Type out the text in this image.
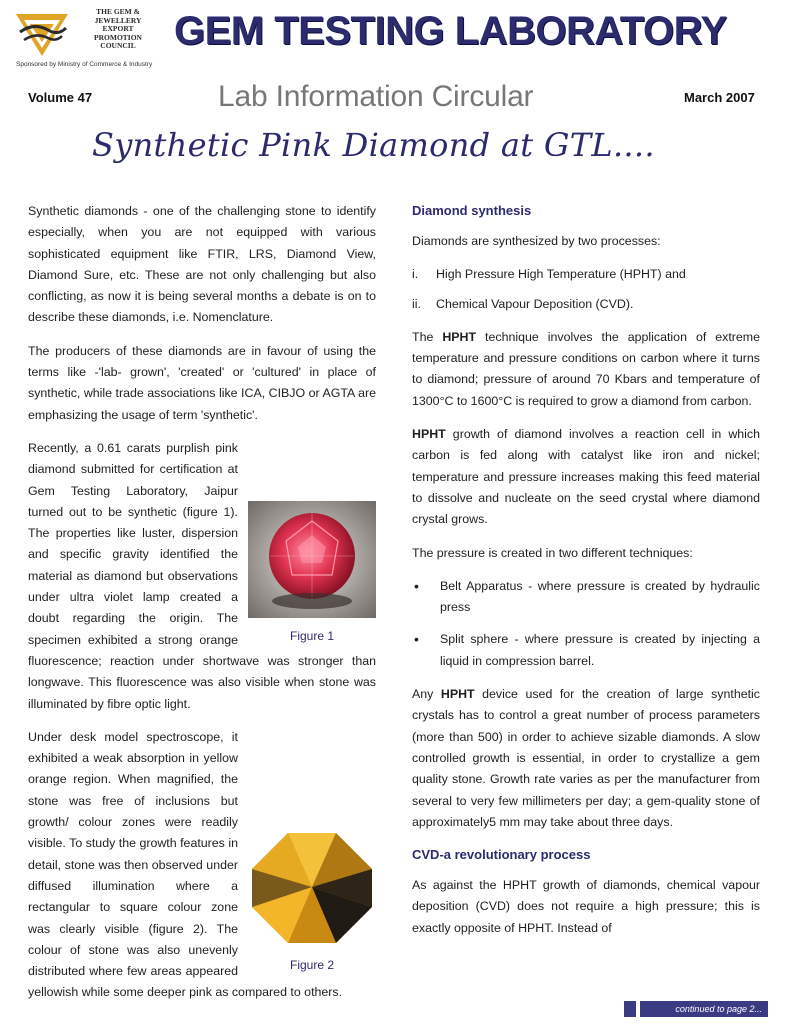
THE GEM &
JEWELLERY
EXPORT
PROMOTION
COUNCIL
Sponsored by Ministry of Commerce & Industry
GEM TESTING LABORATORY
Volume 47	Lab Information Circular	March 2007
Synthetic Pink Diamond at GTL....

Synthetic diamonds - one of the challenging stone to identify especially, when you are not equipped with various sophisticated equipment like FTIR, LRS, Diamond View, Diamond Sure, etc. These are not only challenging but also conflicting, as now it is being several months a debate is on to describe these diamonds, i.e. Nomenclature.

The producers of these diamonds are in favour of using the terms like -'lab- grown', 'created' or 'cultured' in place of synthetic, while trade associations like ICA, CIBJO or AGTA are emphasizing the usage of term 'synthetic'.

Figure 1
Recently, a 0.61 carats purplish pink diamond submitted for certification at Gem Testing Laboratory, Jaipur turned out to be synthetic (figure 1). The properties like luster, dispersion and specific gravity identified the material as diamond but observations under ultra violet lamp created a doubt regarding the origin. The specimen exhibited a strong orange fluorescence; reaction under shortwave was stronger than longwave. This fluorescence was also visible when stone was illuminated by fibre optic light.

Figure 2
Under desk model spectroscope, it exhibited a weak absorption in yellow orange region. When magnified, the stone was free of inclusions but growth/ colour zones were readily visible. To study the growth features in detail, stone was then observed under diffused illumination where a rectangular to square colour zone was clearly visible (figure 2). The colour of stone was also unevenly distributed where few areas appeared yellowish while some deeper pink as compared to others.

Diamond synthesis

Diamonds are synthesized by two processes:

i. High Pressure High Temperature (HPHT) and
ii. Chemical Vapour Deposition (CVD).

The HPHT technique involves the application of extreme temperature and pressure conditions on carbon where it turns to diamond; pressure of around 70 Kbars and temperature of 1300°C to 1600°C is required to grow a diamond from carbon.

HPHT growth of diamond involves a reaction cell in which carbon is fed along with catalyst like iron and nickel; temperature and pressure increases making this feed material to dissolve and nucleate on the seed crystal where diamond crystal grows.

The pressure is created in two different techniques:

• Belt Apparatus - where pressure is created by hydraulic press
• Split sphere - where pressure is created by injecting a liquid in compression barrel.

Any HPHT device used for the creation of large synthetic crystals has to control a great number of process parameters (more than 500) in order to achieve sizable diamonds. A slow controlled growth is essential, in order to crystallize a gem quality stone. Growth rate varies as per the manufacturer from several to very few millimeters per day; a gem-quality stone of approximately5 mm may take about three days.

CVD-a revolutionary process

As against the HPHT growth of diamonds, chemical vapour deposition (CVD) does not require a high pressure; this is exactly opposite of HPHT. Instead of

continued to page 2...
